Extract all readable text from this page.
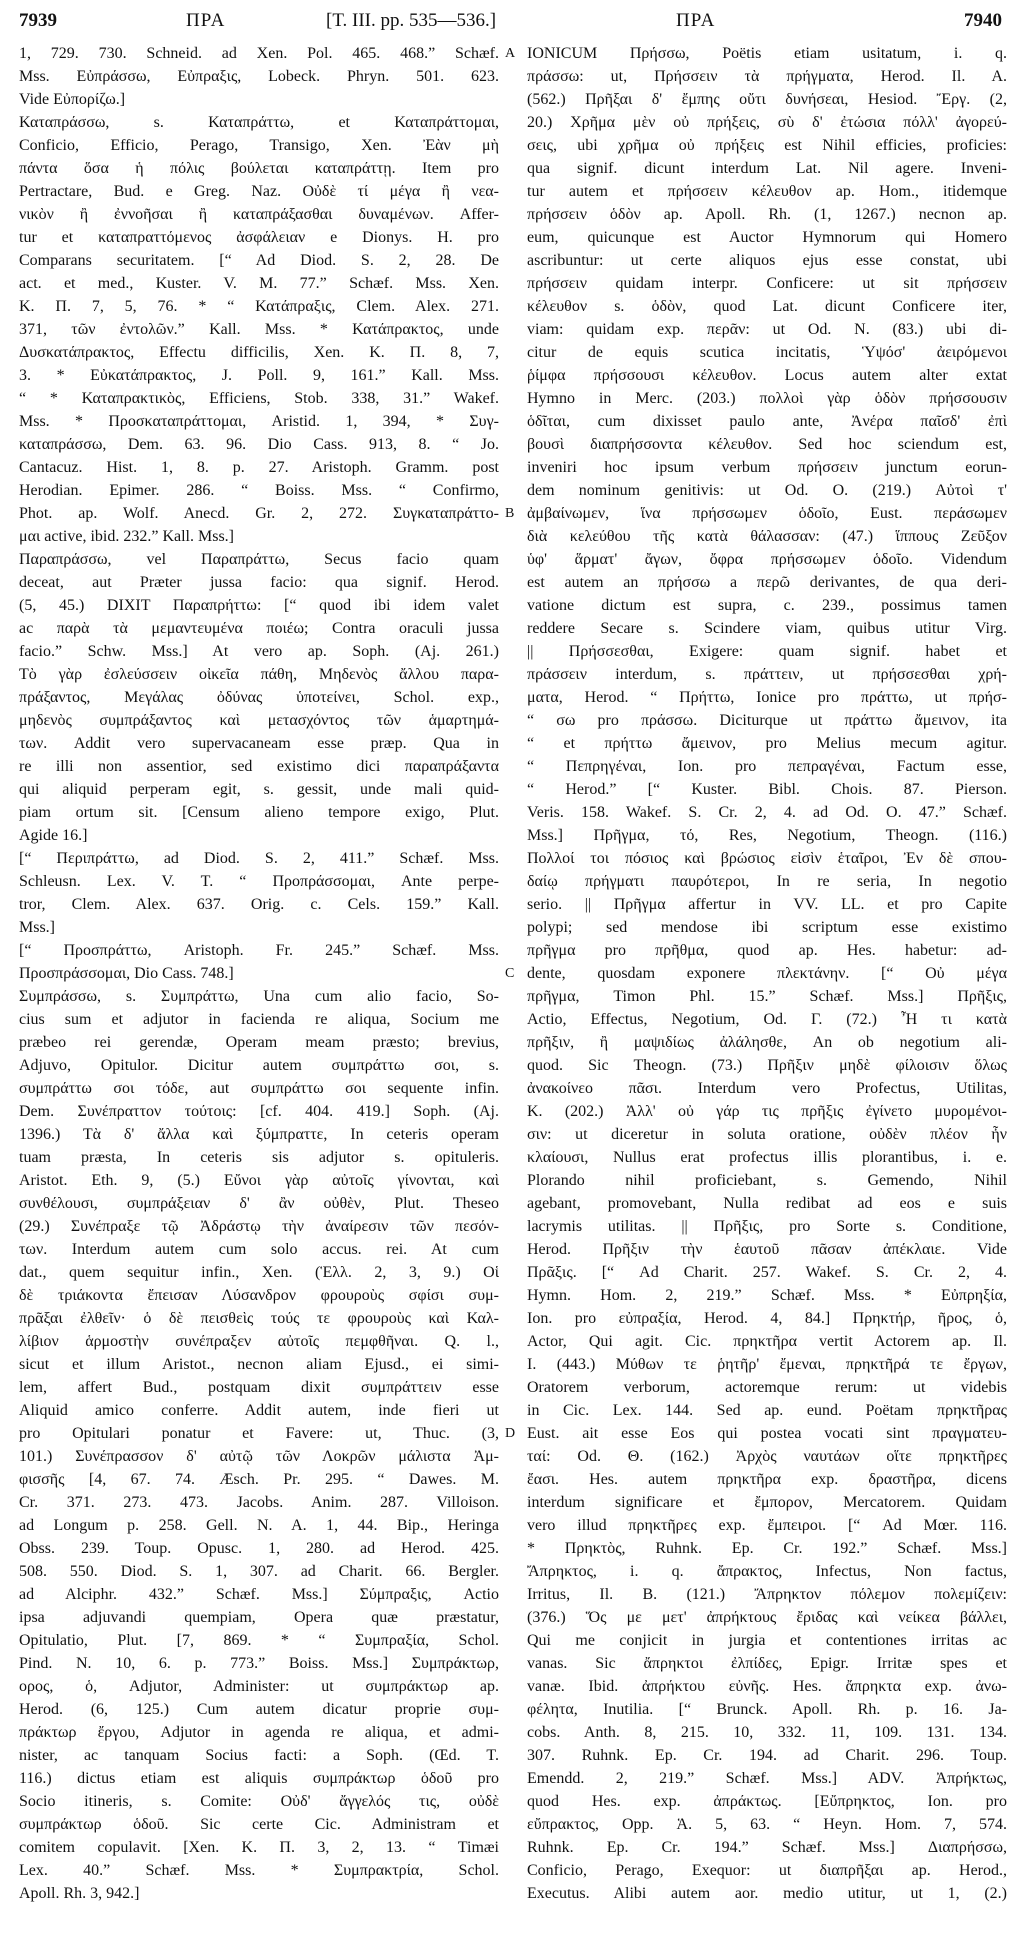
7939	ΠΡΑ	[T. III. pp. 535—536.]	ΠΡΑ	7940
1, 729. 730. Schneid. ad Xen. Pol. 465. 468.” Schæf.
Mss. Εὐπράσσω, Εὐπραξις, Lobeck. Phryn. 501. 623.
Vide Εὐπορίζω.]
Καταπράσσω, s. Καταπράττω, et Καταπράττομαι,
Conficio, Efficio, Perago, Transigo, Xen. Ἐὰν μὴ
πάντα ὅσα ἡ πόλις βούλεται καταπράττῃ. Item pro
Pertractare, Bud. e Greg. Naz. Οὐδὲ τί μέγα ἢ νεα-
νικὸν ἢ ἐννοῆσαι ἢ καταπράξασθαι δυναμένων. Affer-
tur et καταπραττόμενος ἀσφάλειαν e Dionys. H. pro
Comparans securitatem. [“ Ad Diod. S. 2, 28. De
act. et med., Kuster. V. M. 77.” Schæf. Mss. Xen.
K. Π. 7, 5, 76. * “ Κατάπραξις, Clem. Alex. 271.
371, τῶν ἐντολῶν.” Kall. Mss. * Κατάπρακτος, unde
Δυσκατάπρακτος, Effectu difficilis, Xen. K. Π. 8, 7,
3. * Εὐκατάπρακτος, J. Poll. 9, 161.” Kall. Mss.
“ * Καταπρακτικὸς, Efficiens, Stob. 338, 31.” Wakef.
Mss. * Προσκαταπράττομαι, Aristid. 1, 394, * Συγ-
καταπράσσω, Dem. 63. 96. Dio Cass. 913, 8. “ Jo.
Cantacuz. Hist. 1, 8. p. 27. Aristoph. Gramm. post
Herodian. Epimer. 286. “ Boiss. Mss. “ Confirmo,
Phot. ap. Wolf. Anecd. Gr. 2, 272. Συγκαταπράττο-
μαι active, ibid. 232.” Kall. Mss.]
Παραπράσσω, vel Παραπράττω, Secus facio quam
deceat, aut Præter jussa facio: qua signif. Herod.
(5, 45.) DIXIT Παραπρήττω: [“ quod ibi idem valet
ac παρὰ τὰ μεμαντευμένα ποιέω; Contra oraculi jussa
facio.” Schw. Mss.] At vero ap. Soph. (Aj. 261.)
Τὸ γὰρ ἐσλεύσσειν οἰκεῖα πάθη, Μηδενὸς ἄλλου παρα-
πράξαντος, Μεγάλας ὀδύνας ὑποτείνει, Schol. exp.,
μηδενὸς συμπράξαντος καὶ μετασχόντος τῶν ἁμαρτημά-
των. Addit vero supervacaneam esse præp. Qua in
re illi non assentior, sed existimo dici παραπράξαντα
qui aliquid perperam egit, s. gessit, unde mali quid-
piam ortum sit. [Censum alieno tempore exigo, Plut.
Agide 16.]
[“ Περιπράττω, ad Diod. S. 2, 411.” Schæf. Mss.
Schleusn. Lex. V. T. “ Προπράσσομαι, Ante perpe-
tror, Clem. Alex. 637. Orig. c. Cels. 159.” Kall.
Mss.]
[“ Προσπράττω, Aristoph. Fr. 245.” Schæf. Mss.
Προσπράσσομαι, Dio Cass. 748.]
Συμπράσσω, s. Συμπράττω, Una cum alio facio, So-
cius sum et adjutor in facienda re aliqua, Socium me
præbeo rei gerendæ, Operam meam præsto; brevius,
Adjuvo, Opitulor. Dicitur autem συμπράττω σοι, s.
συμπράττω σοι τόδε, aut συμπράττω σοι sequente infin.
Dem. Συνέπραττον τούτοις: [cf. 404. 419.] Soph. (Aj.
1396.) Τὰ δ' ἄλλα καὶ ξύμπραττε, In ceteris operam
tuam præsta, In ceteris sis adjutor s. opituleris.
Aristot. Eth. 9, (5.) Εὔνοι γὰρ αὐτοῖς γίνονται, καὶ
συνθέλουσι, συμπράξειαν δ' ἂν οὐθὲν, Plut. Theseo
(29.) Συνέπραξε τῷ Ἀδράστῳ τὴν ἀναίρεσιν τῶν πεσόν-
των. Interdum autem cum solo accus. rei. At cum
dat., quem sequitur infin., Xen. (Ἑλλ. 2, 3, 9.) Οἱ
δὲ τριάκοντα ἔπεισαν Λύσανδρον φρουροὺς σφίσι συμ-
πρᾶξαι ἐλθεῖν· ὁ δὲ πεισθεὶς τούς τε φρουροὺς καὶ Καλ-
λίβιον ἁρμοστὴν συνέπραξεν αὐτοῖς πεμφθῆναι. Q. l.,
sicut et illum Aristot., necnon aliam Ejusd., ei simi-
lem, affert Bud., postquam dixit συμπράττειν esse
Aliquid amico conferre. Addit autem, inde fieri ut
pro Opitulari ponatur et Favere: ut, Thuc. (3,
101.) Συνέπρασσον δ' αὐτῷ τῶν Λοκρῶν μάλιστα Ἀμ-
φισσῆς [4, 67. 74. Æsch. Pr. 295. “ Dawes. M.
Cr. 371. 273. 473. Jacobs. Anim. 287. Villoison.
ad Longum p. 258. Gell. N. A. 1, 44. Bip., Heringa
Obss. 239. Toup. Opusc. 1, 280. ad Herod. 425.
508. 550. Diod. S. 1, 307. ad Charit. 66. Bergler.
ad Alciphr. 432.” Schæf. Mss.] Σύμπραξις, Actio
ipsa adjuvandi quempiam, Opera quæ præstatur,
Opitulatio, Plut. [7, 869. * “ Συμπραξία, Schol.
Pind. N. 10, 6. p. 773.” Boiss. Mss.] Συμπράκτωρ,
ορος, ὁ, Adjutor, Administer: ut συμπράκτωρ ap.
Herod. (6, 125.) Cum autem dicatur proprie συμ-
πράκτωρ ἔργου, Adjutor in agenda re aliqua, et admi-
nister, ac tanquam Socius facti: a Soph. (Œd. T.
116.) dictus etiam est aliquis συμπράκτωρ ὁδοῦ pro
Socio itineris, s. Comite: Οὐδ' ἄγγελός τις, οὐδὲ
συμπράκτωρ ὁδοῦ. Sic certe Cic. Administram et
comitem copulavit. [Xen. K. Π. 3, 2, 13. “ Timæi
Lex. 40.” Schæf. Mss. * Συμπρακτρία, Schol.
Apoll. Rh. 3, 942.]
A
B
C
D
IONICUM Πρήσσω, Poëtis etiam usitatum, i. q.
πράσσω: ut, Πρήσσειν τὰ πρήγματα, Herod. Il. A.
(562.) Πρῆξαι δ' ἔμπης οὔτι δυνήσεαι, Hesiod. Ἔργ. (2,
20.) Χρῆμα μὲν οὐ πρήξεις, σὺ δ' ἐτώσια πόλλ' ἀγορεύ-
σεις, ubi χρῆμα οὐ πρήξεις est Nihil efficies, proficies:
qua signif. dicunt interdum Lat. Nil agere. Inveni-
tur autem et πρήσσειν κέλευθον ap. Hom., itidemque
πρήσσειν ὁδὸν ap. Apoll. Rh. (1, 1267.) necnon ap.
eum, quicunque est Auctor Hymnorum qui Homero
ascribuntur: ut certe aliquos ejus esse constat, ubi
πρήσσειν quidam interpr. Conficere: ut sit πρήσσειν
κέλευθον s. ὁδὸν, quod Lat. dicunt Conficere iter,
viam: quidam exp. περᾶν: ut Od. N. (83.) ubi di-
citur de equis scutica incitatis, Ὑψόσ' ἀειρόμενοι
ῥίμφα πρήσσουσι κέλευθον. Locus autem alter extat
Hymno in Merc. (203.) πολλοὶ γὰρ ὁδὸν πρήσσουσιν
ὁδῖται, cum dixisset paulo ante, Ἀνέρα παῖσδ' ἐπὶ
βουσὶ διαπρήσσοντα κέλευθον. Sed hoc sciendum est,
inveniri hoc ipsum verbum πρήσσειν junctum eorun-
dem nominum genitivis: ut Od. O. (219.) Αὐτοὶ τ'
ἀμβαίνωμεν, ἵνα πρήσσωμεν ὁδοῖο, Eust. περάσωμεν
διὰ κελεύθου τῆς κατὰ θάλασσαν: (47.) ἵππους Ζεῦξον
ὑφ' ἅρματ' ἄγων, ὄφρα πρήσσωμεν ὁδοῖο. Videndum
est autem an πρήσσω a περῶ derivantes, de qua deri-
vatione dictum est supra, c. 239., possimus tamen
reddere Secare s. Scindere viam, quibus utitur Virg.
|| Πρήσσεσθαι, Exigere: quam signif. habet et
πράσσειν interdum, s. πράττειν, ut πρήσσεσθαι χρή-
ματα, Herod. “ Πρήττω, Ionice pro πράττω, ut πρήσ-
“ σω pro πράσσω. Diciturque ut πράττω ἄμεινον, ita
“ et πρήττω ἄμεινον, pro Melius mecum agitur.
“ Πεπρηγέναι, Ion. pro πεπραγέναι, Factum esse,
“ Herod.” [“ Kuster. Bibl. Chois. 87. Pierson.
Veris. 158. Wakef. S. Cr. 2, 4. ad Od. O. 47.” Schæf.
Mss.] Πρῆγμα, τό, Res, Negotium, Theogn. (116.)
Πολλοί τοι πόσιος καὶ βρώσιος εἰσὶν ἑταῖροι, Ἐν δὲ σπου-
δαίῳ πρήγματι παυρότεροι, In re seria, In negotio
serio. || Πρῆγμα affertur in VV. LL. et pro Capite
polypi; sed mendose ibi scriptum esse existimo
πρῆγμα pro πρῆθμα, quod ap. Hes. habetur: ad-
dente, quosdam exponere πλεκτάνην. [“ Οὐ μέγα
πρῆγμα, Timon Phl. 15.” Schæf. Mss.] Πρῆξις,
Actio, Effectus, Negotium, Od. Γ. (72.) Ἦ τι κατὰ
πρῆξιν, ἢ μαψιδίως ἀλάλησθε, An ob negotium ali-
quod. Sic Theogn. (73.) Πρῆξιν μηδὲ φίλοισιν ὅλως
ἀνακοίνεο πᾶσι. Interdum vero Profectus, Utilitas,
K. (202.) Ἀλλ' οὐ γάρ τις πρῆξις ἐγίνετο μυρομένοι-
σιν: ut diceretur in soluta oratione, οὐδὲν πλέον ἦν
κλαίουσι, Nullus erat profectus illis plorantibus, i. e.
Plorando nihil proficiebant, s. Gemendo, Nihil
agebant, promovebant, Nulla redibat ad eos e suis
lacrymis utilitas. || Πρῆξις, pro Sorte s. Conditione,
Herod. Πρῆξιν τὴν ἑαυτοῦ πᾶσαν ἀπέκλαιε. Vide
Πρᾶξις. [“ Ad Charit. 257. Wakef. S. Cr. 2, 4.
Hymn. Hom. 2, 219.” Schæf. Mss. * Εὐπρηξία,
Ion. pro εὐπραξία, Herod. 4, 84.] Πρηκτήρ, ῆρος, ὁ,
Actor, Qui agit. Cic. πρηκτῆρα vertit Actorem ap. Il.
I. (443.) Μύθων τε ῥητῆρ' ἔμεναι, πρηκτῆρά τε ἔργων,
Oratorem verborum, actoremque rerum: ut videbis
in Cic. Lex. 144. Sed ap. eund. Poëtam πρηκτῆρας
Eust. ait esse Eos qui postea vocati sint πραγματευ-
ταί: Od. Θ. (162.) Ἀρχὸς ναυτάων οἵτε πρηκτῆρες
ἔασι. Hes. autem πρηκτῆρα exp. δραστῆρα, dicens
interdum significare et ἔμπορον, Mercatorem. Quidam
vero illud πρηκτῆρες exp. ἔμπειροι. [“ Ad Mœr. 116.
* Πρηκτὸς, Ruhnk. Ep. Cr. 192.” Schæf. Mss.]
Ἄπρηκτος, i. q. ἄπρακτος, Infectus, Non factus,
Irritus, Il. B. (121.) Ἄπρηκτον πόλεμον πολεμίζειν:
(376.) Ὅς με μετ' ἀπρήκτους ἔριδας καὶ νείκεα βάλλει,
Qui me conjicit in jurgia et contentiones irritas ac
vanas. Sic ἄπρηκτοι ἐλπίδες, Epigr. Irritæ spes et
vanæ. Ibid. ἀπρήκτου εὐνῆς. Hes. ἄπρηκτα exp. ἀνω-
φέλητα, Inutilia. [“ Brunck. Apoll. Rh. p. 16. Ja-
cobs. Anth. 8, 215. 10, 332. 11, 109. 131. 134.
307. Ruhnk. Ep. Cr. 194. ad Charit. 296. Toup.
Emendd. 2, 219.” Schæf. Mss.] ADV. Ἀπρήκτως,
quod Hes. exp. ἀπράκτως. [Εὔπρηκτος, Ion. pro
εὔπρακτος, Opp. Ἁ. 5, 63. “ Heyn. Hom. 7, 574.
Ruhnk. Ep. Cr. 194.” Schæf. Mss.] Διαπρήσσω,
Conficio, Perago, Exequor: ut διαπρῆξαι ap. Herod.,
Executus. Alibi autem aor. medio utitur, ut 1, (2.)
